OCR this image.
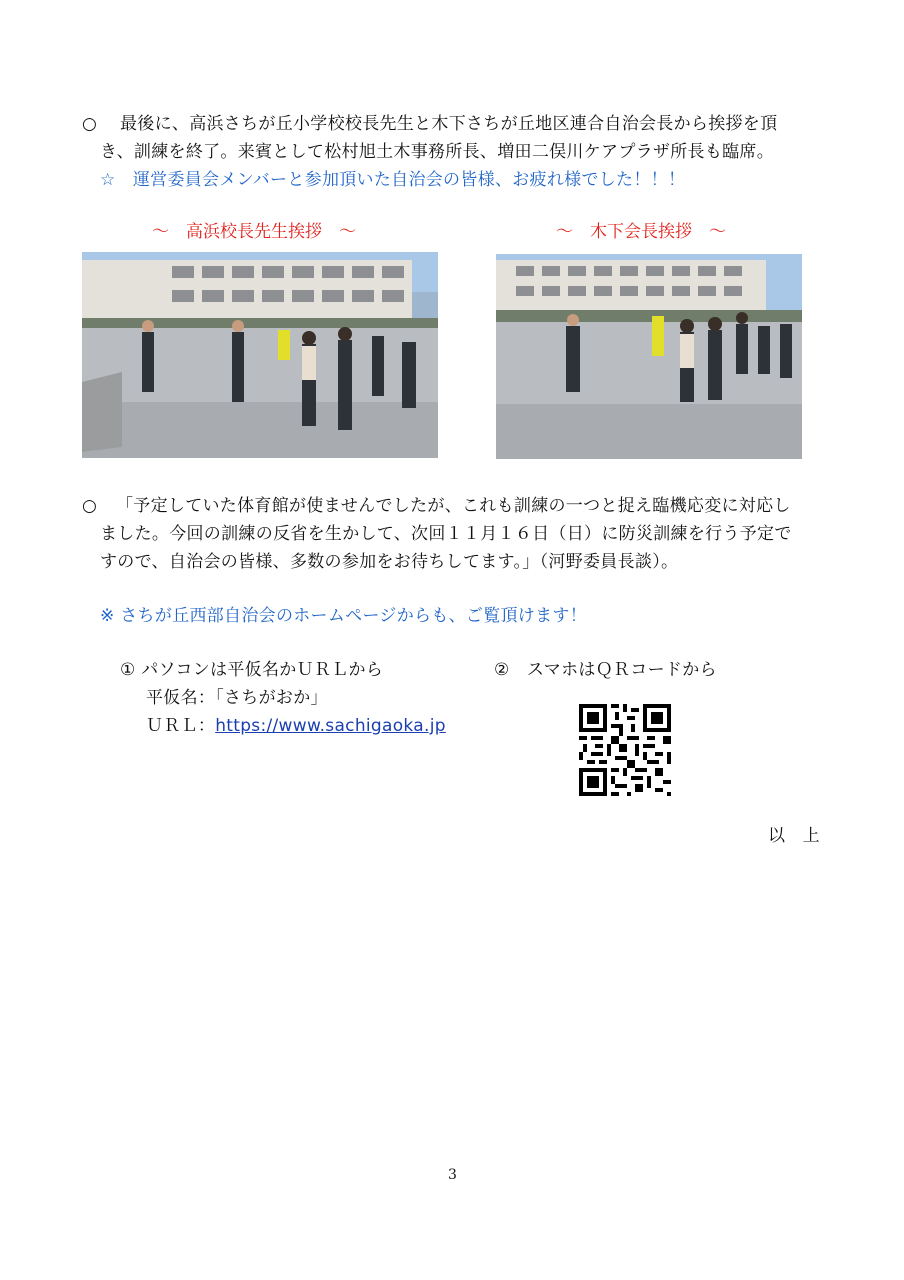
○ 最後に、高浜さちが丘小学校校長先生と木下さちが丘地区連合自治会長から挨拶を頂
き、訓練を終了。来賓として松村旭土木事務所長、増田二俣川ケアプラザ所長も臨席。
☆　運営委員会メンバーと参加頂いた自治会の皆様、お疲れ様でした！！！
～　高浜校長先生挨拶　～	～　木下会長挨拶　～
○ 「予定していた体育館が使ませんでしたが、これも訓練の一つと捉え臨機応変に対応し
ました。今回の訓練の反省を生かして、次回１１月１６日（日）に防災訓練を行う予定で
すので、自治会の皆様、多数の参加をお待ちしてます。」（河野委員長談）。
※ さちが丘西部自治会のホームページからも、ご覧頂けます！
① パソコンは平仮名かＵＲＬから
平仮名：「さちがおか」
ＵＲＬ：https://www.sachigaoka.jp
②　スマホはＱＲコードから
以　上
3
